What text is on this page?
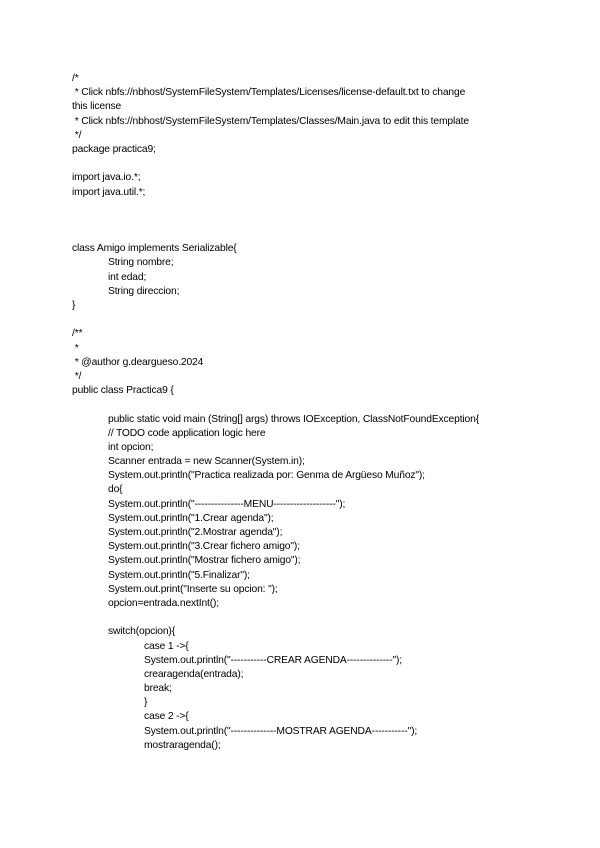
/*
* Click nbfs://nbhost/SystemFileSystem/Templates/Licenses/license-default.txt to change
this license
* Click nbfs://nbhost/SystemFileSystem/Templates/Classes/Main.java to edit this template
*/
package practica9;
import java.io.*;
import java.util.*;
class Amigo implements Serializable{
String nombre;
int edad;
String direccion;
}
/**
*
* @author g.deargueso.2024
*/
public class Practica9 {
public static void main (String[] args) throws IOException, ClassNotFoundException{
// TODO code application logic here
int opcion;
Scanner entrada = new Scanner(System.in);
System.out.println("Practica realizada por: Genma de Argüeso Muñoz");
do{
System.out.println("---------------MENU-------------------");
System.out.println("1.Crear agenda");
System.out.println("2.Mostrar agenda");
System.out.println("3.Crear fichero amigo");
System.out.println("Mostrar fichero amigo");
System.out.println("5.Finalizar");
System.out.print("Inserte su opcion: ");
opcion=entrada.nextInt();
switch(opcion){
case 1 ->{
System.out.println("-----------CREAR AGENDA--------------");
crearagenda(entrada);
break;
}
case 2 ->{
System.out.println("--------------MOSTRAR AGENDA-----------");
mostraragenda();
